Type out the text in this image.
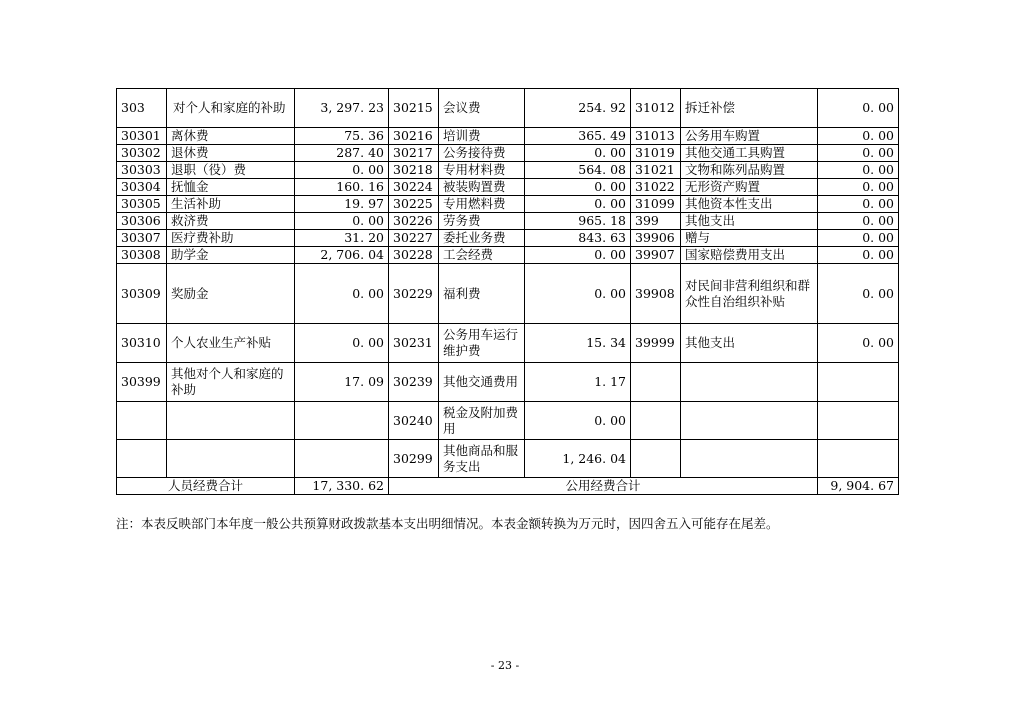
303	对个人和家庭的补助	3, 297. 23	30215	会议费	254. 92	31012	拆迁补偿	0. 00
30301	离休费	75. 36	30216	培训费	365. 49	31013	公务用车购置	0. 00
30302	退休费	287. 40	30217	公务接待费	0. 00	31019	其他交通工具购置	0. 00
30303	退职（役）费	0. 00	30218	专用材料费	564. 08	31021	文物和陈列品购置	0. 00
30304	抚恤金	160. 16	30224	被装购置费	0. 00	31022	无形资产购置	0. 00
30305	生活补助	19. 97	30225	专用燃料费	0. 00	31099	其他资本性支出	0. 00
30306	救济费	0. 00	30226	劳务费	965. 18	399	其他支出	0. 00
30307	医疗费补助	31. 20	30227	委托业务费	843. 63	39906	赠与	0. 00
30308	助学金	2, 706. 04	30228	工会经费	0. 00	39907	国家赔偿费用支出	0. 00
30309	奖励金	0. 00	30229	福利费	0. 00	39908	对民间非营利组织和群众性自治组织补贴	0. 00
30310	个人农业生产补贴	0. 00	30231	公务用车运行维护费	15. 34	39999	其他支出	0. 00
30399	其他对个人和家庭的补助	17. 09	30239	其他交通费用	1. 17			
			30240	税金及附加费用	0. 00			
			30299	其他商品和服务支出	1, 246. 04			
人员经费合计		17, 330. 62	公用经费合计					9, 904. 67
注：本表反映部门本年度一般公共预算财政拨款基本支出明细情况。本表金额转换为万元时，因四舍五入可能存在尾差。
- 23 -
